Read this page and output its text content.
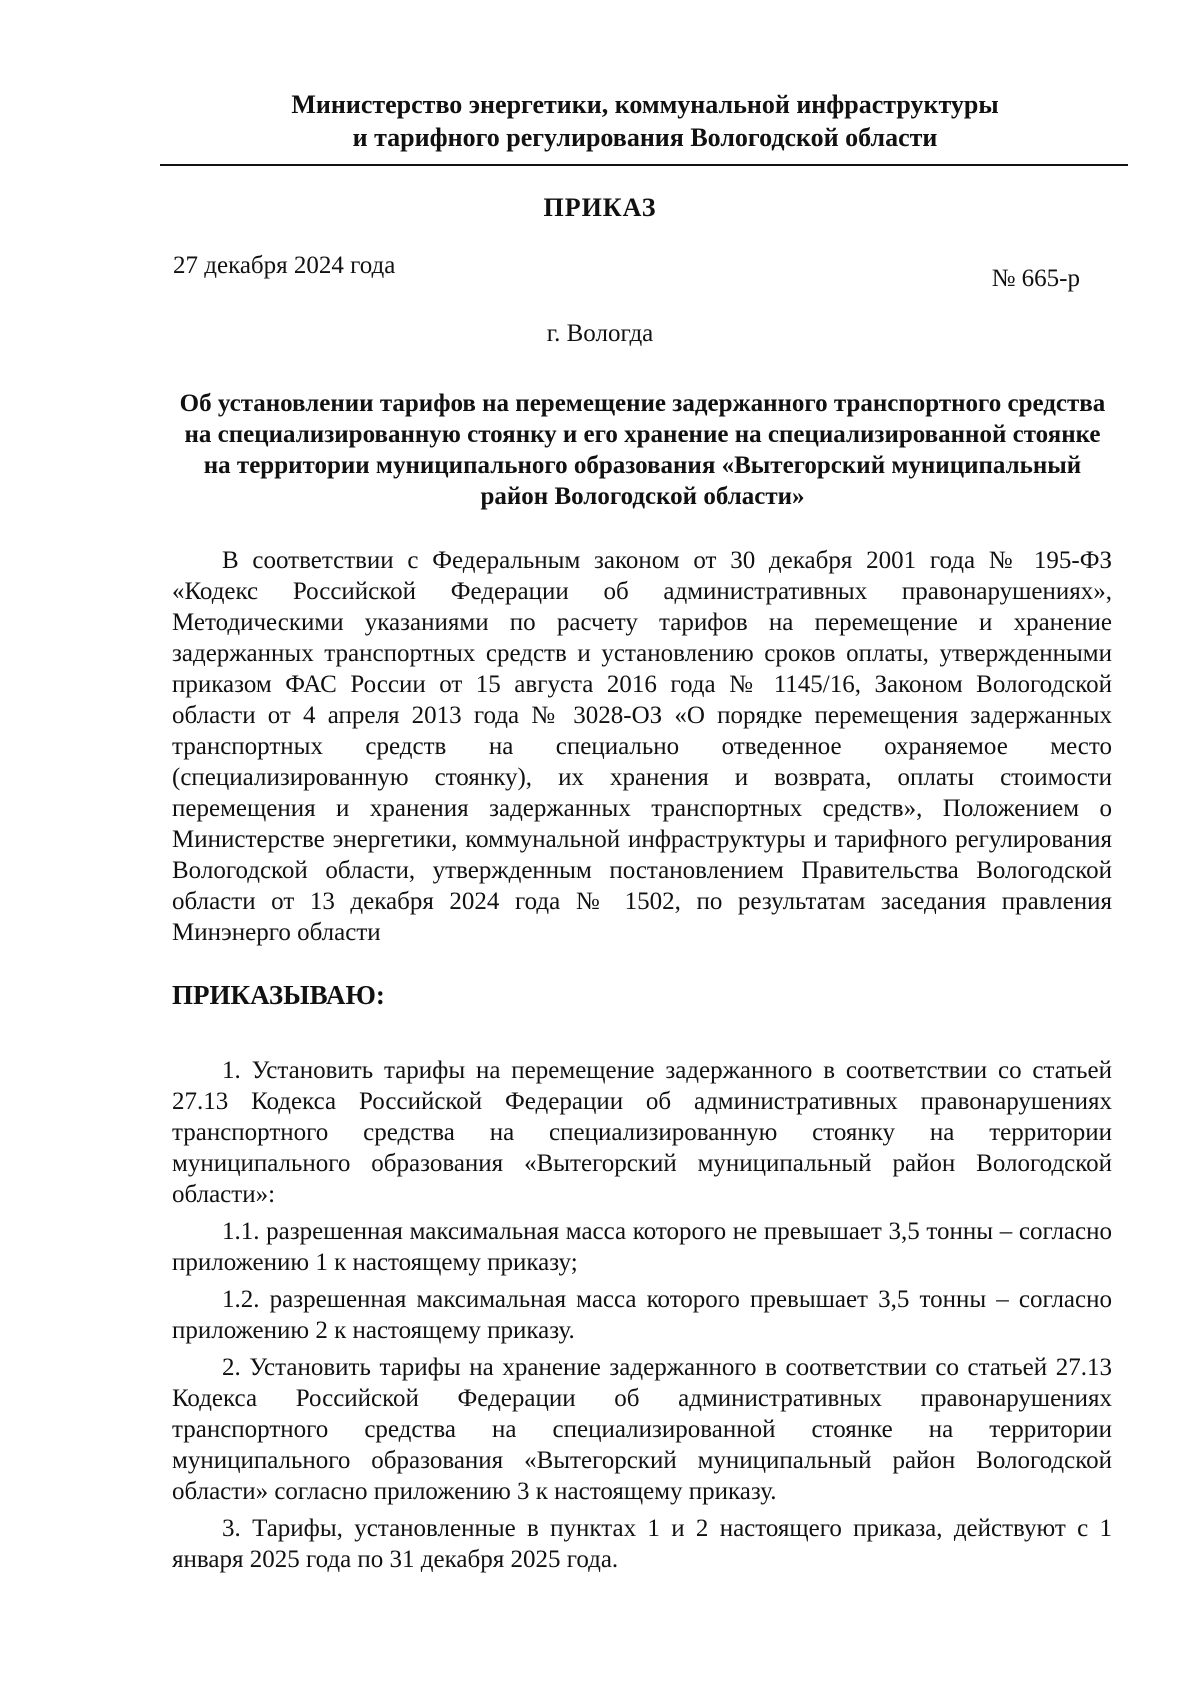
Министерство энергетики, коммунальной инфраструктуры
и тарифного регулирования Вологодской области
ПРИКАЗ
27 декабря 2024 года	№ 665-р
г. Вологда
Об установлении тарифов на перемещение задержанного транспортного средства на специализированную стоянку и его хранение на специализированной стоянке на территории муниципального образования «Вытегорский муниципальный район Вологодской области»

В соответствии с Федеральным законом от 30 декабря 2001 года № 195-ФЗ «Кодекс Российской Федерации об административных правонарушениях», Методическими указаниями по расчету тарифов на перемещение и хранение задержанных транспортных средств и установлению сроков оплаты, утвержденными приказом ФАС России от 15 августа 2016 года № 1145/16, Законом Вологодской области от 4 апреля 2013 года № 3028-ОЗ «О порядке перемещения задержанных транспортных средств на специально отведенное охраняемое место (специализированную стоянку), их хранения и возврата, оплаты стоимости перемещения и хранения задержанных транспортных средств», Положением о Министерстве энергетики, коммунальной инфраструктуры и тарифного регулирования Вологодской области, утвержденным постановлением Правительства Вологодской области от 13 декабря 2024 года № 1502, по результатам заседания правления Минэнерго области

ПРИКАЗЫВАЮ:

1. Установить тарифы на перемещение задержанного в соответствии со статьей 27.13 Кодекса Российской Федерации об административных правонарушениях транспортного средства на специализированную стоянку на территории муниципального образования «Вытегорский муниципальный район Вологодской области»:

1.1. разрешенная максимальная масса которого не превышает 3,5 тонны – согласно приложению 1 к настоящему приказу;

1.2. разрешенная максимальная масса которого превышает 3,5 тонны – согласно приложению 2 к настоящему приказу.

2. Установить тарифы на хранение задержанного в соответствии со статьей 27.13 Кодекса Российской Федерации об административных правонарушениях транспортного средства на специализированной стоянке на территории муниципального образования «Вытегорский муниципальный район Вологодской области» согласно приложению 3 к настоящему приказу.

3. Тарифы, установленные в пунктах 1 и 2 настоящего приказа, действуют с 1 января 2025 года по 31 декабря 2025 года.
